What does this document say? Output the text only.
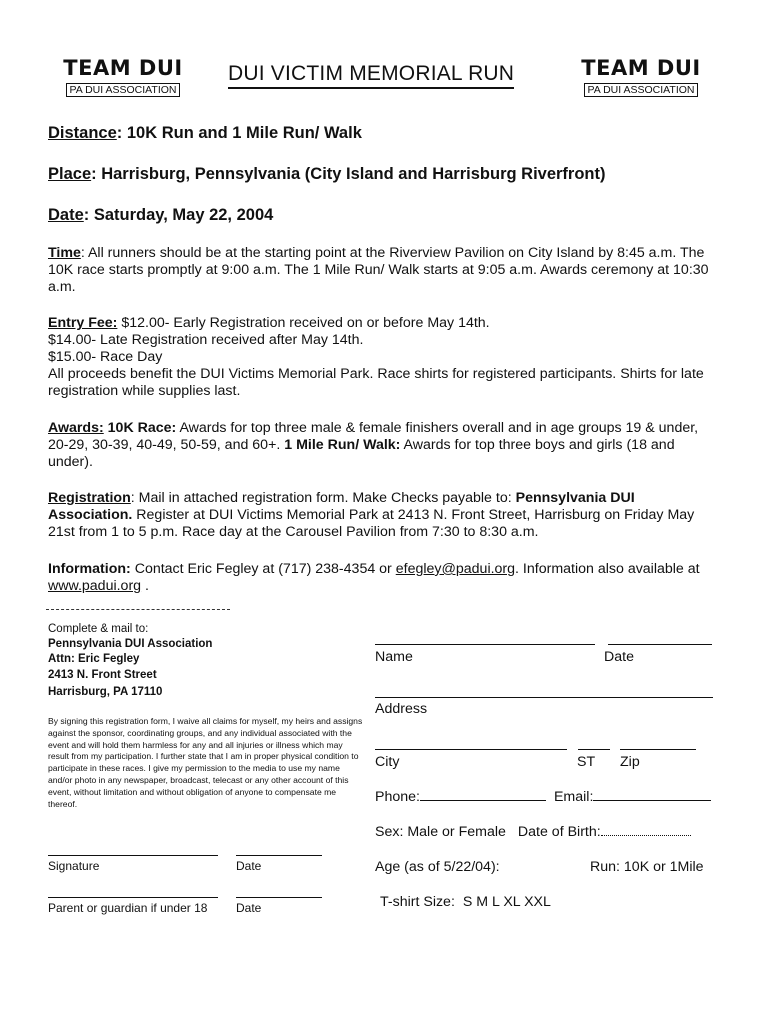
TEAM DUI
PA DUI ASSOCIATION
DUI VICTIM MEMORIAL RUN	TEAM DUI
PA DUI ASSOCIATION
Distance: 10K Run and 1 Mile Run/ Walk
Place: Harrisburg, Pennsylvania (City Island and Harrisburg Riverfront)
Date: Saturday, May 22, 2004
Time: All runners should be at the starting point at the Riverview Pavilion on City Island by 8:45 a.m. The 10K race starts promptly at 9:00 a.m. The 1 Mile Run/ Walk starts at 9:05 a.m. Awards ceremony at 10:30 a.m.
Entry Fee: $12.00- Early Registration received on or before May 14th.
$14.00- Late Registration received after May 14th.
$15.00- Race Day
All proceeds benefit the DUI Victims Memorial Park. Race shirts for registered participants. Shirts for late registration while supplies last.
Awards: 10K Race: Awards for top three male & female finishers overall and in age groups 19 & under, 20-29, 30-39, 40-49, 50-59, and 60+. 1 Mile Run/ Walk: Awards for top three boys and girls (18 and under).
Registration: Mail in attached registration form. Make Checks payable to: Pennsylvania DUI Association. Register at DUI Victims Memorial Park at 2413 N. Front Street, Harrisburg on Friday May 21st from 1 to 5 p.m. Race day at the Carousel Pavilion from 7:30 to 8:30 a.m.
Information: Contact Eric Fegley at (717) 238-4354 or efegley@padui.org. Information also available at www.padui.org .
Complete & mail to:
Pennsylvania DUI Association
Attn: Eric Fegley
2413 N. Front Street
Harrisburg, PA 17110
By signing this registration form, I waive all claims for myself, my heirs and assigns against the sponsor, coordinating groups, and any individual associated with the event and will hold them harmless for any and all injuries or illness which may result from my participation. I further state that I am in proper physical condition to participate in these races. I give my permission to the media to use my name and/or photo in any newspaper, broadcast, telecast or any other account of this event, without limitation and without obligation of anyone to compensate me thereof.
Signature	Date
Parent or guardian if under 18 Date
Name	Date
Address
City	ST Zip
Phone:	Email:
Sex: Male or Female Date of Birth:
Age (as of 5/22/04):	Run: 10K or 1Mile
T-shirt Size: S M L XL XXL
